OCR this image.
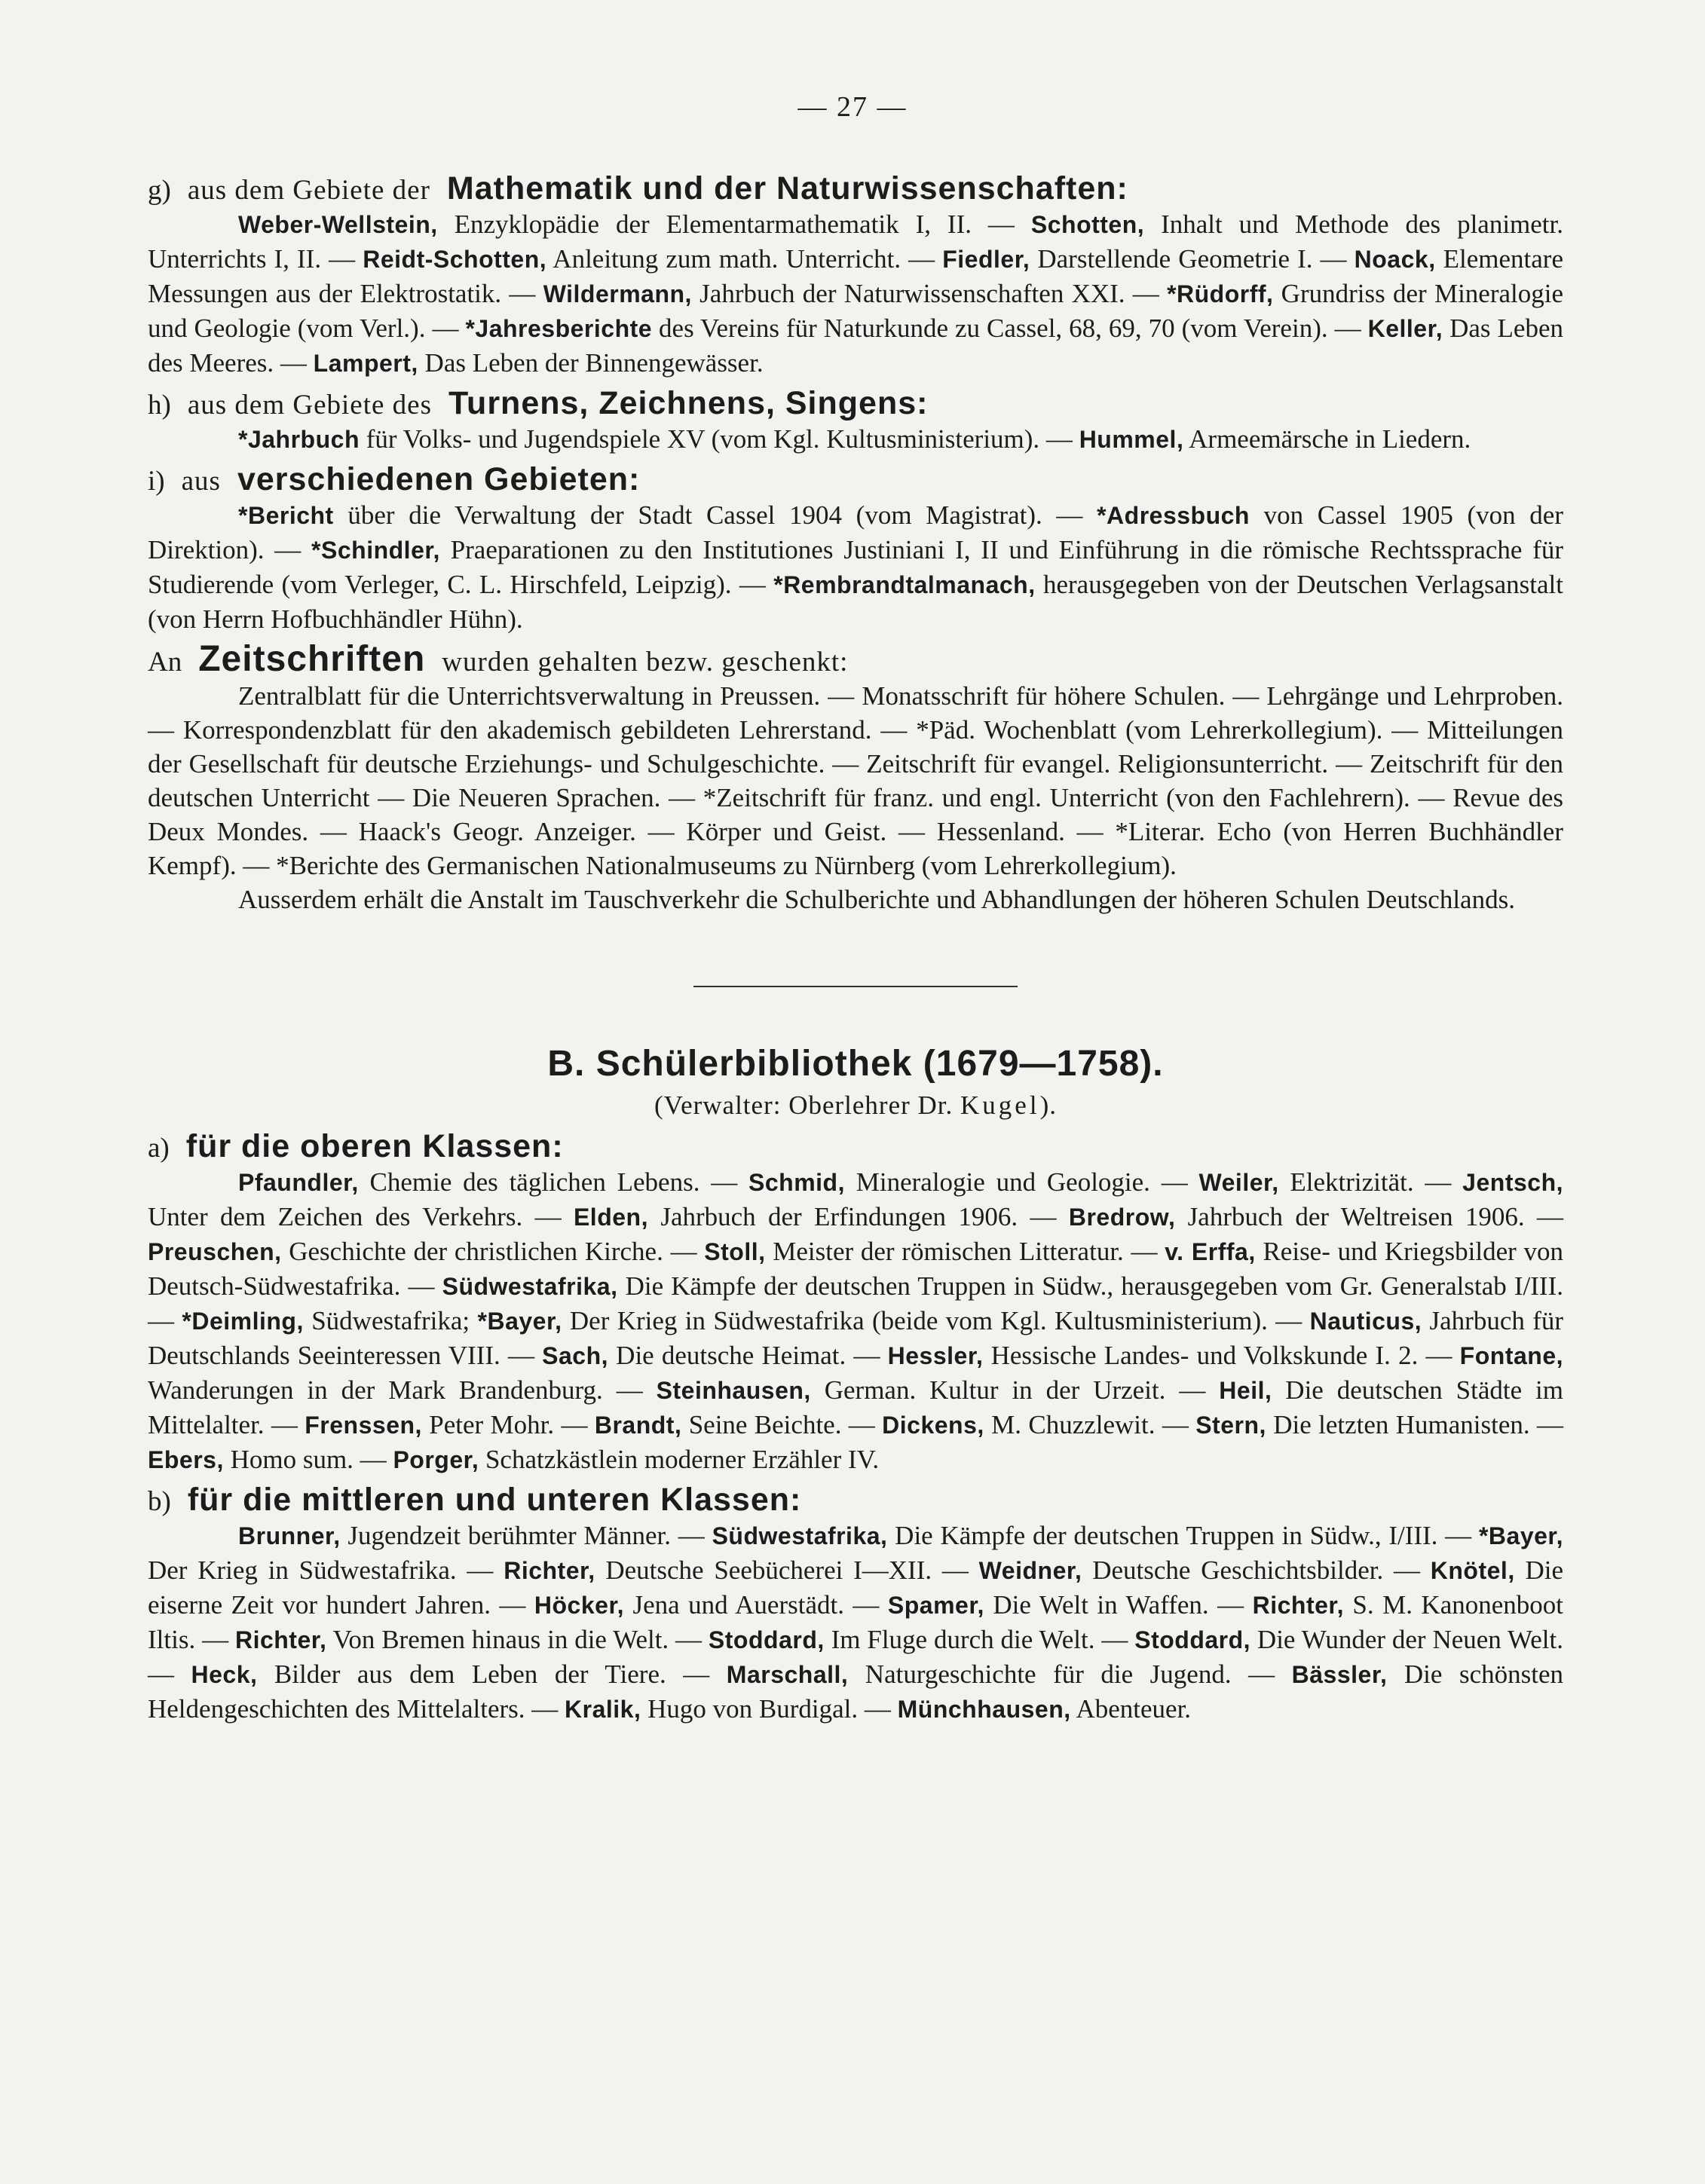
— 27 —
g) aus dem Gebiete der Mathematik und der Naturwissenschaften:

Weber-Wellstein, Enzyklopädie der Elementarmathematik I, II. — Schotten, Inhalt und Methode des planimetr. Unterrichts I, II. — Reidt-Schotten, Anleitung zum math. Unterricht. — Fiedler, Darstellende Geometrie I. — Noack, Elementare Messungen aus der Elektrostatik. — Wildermann, Jahrbuch der Naturwissenschaften XXI. — *Rüdorff, Grundriss der Mineralogie und Geologie (vom Verl.). — *Jahresberichte des Vereins für Naturkunde zu Cassel, 68, 69, 70 (vom Verein). — Keller, Das Leben des Meeres. — Lampert, Das Leben der Binnengewässer.

h) aus dem Gebiete des Turnens, Zeichnens, Singens:

*Jahrbuch für Volks- und Jugendspiele XV (vom Kgl. Kultusministerium). — Hummel, Armeemärsche in Liedern.

i) aus verschiedenen Gebieten:

*Bericht über die Verwaltung der Stadt Cassel 1904 (vom Magistrat). — *Adressbuch von Cassel 1905 (von der Direktion). — *Schindler, Praeparationen zu den Institutiones Justiniani I, II und Einführung in die römische Rechtssprache für Studierende (vom Verleger, C. L. Hirschfeld, Leipzig). — *Rembrandtalmanach, herausgegeben von der Deutschen Verlagsanstalt (von Herrn Hofbuchhändler Hühn).

An Zeitschriften wurden gehalten bezw. geschenkt:

Zentralblatt für die Unterrichtsverwaltung in Preussen. — Monatsschrift für höhere Schulen. — Lehrgänge und Lehrproben. — Korrespondenzblatt für den akademisch gebildeten Lehrerstand. — *Päd. Wochenblatt (vom Lehrerkollegium). — Mitteilungen der Gesellschaft für deutsche Erziehungs- und Schulgeschichte. — Zeitschrift für evangel. Religionsunterricht. — Zeitschrift für den deutschen Unterricht — Die Neueren Sprachen. — *Zeitschrift für franz. und engl. Unterricht (von den Fachlehrern). — Revue des Deux Mondes. — Haack's Geogr. Anzeiger. — Körper und Geist. — Hessenland. — *Literar. Echo (von Herren Buchhändler Kempf). — *Berichte des Germanischen Nationalmuseums zu Nürnberg (vom Lehrerkollegium).

Ausserdem erhält die Anstalt im Tauschverkehr die Schulberichte und Abhandlungen der höheren Schulen Deutschlands.

B. Schülerbibliothek (1679—1758).
(Verwalter: Oberlehrer Dr. Kugel).
a) für die oberen Klassen:

Pfaundler, Chemie des täglichen Lebens. — Schmid, Mineralogie und Geologie. — Weiler, Elektrizität. — Jentsch, Unter dem Zeichen des Verkehrs. — Elden, Jahrbuch der Erfindungen 1906. — Bredrow, Jahrbuch der Weltreisen 1906. — Preuschen, Geschichte der christlichen Kirche. — Stoll, Meister der römischen Litteratur. — v. Erffa, Reise- und Kriegsbilder von Deutsch-Südwestafrika. — Südwestafrika, Die Kämpfe der deutschen Truppen in Südw., herausgegeben vom Gr. Generalstab I/III. — *Deimling, Südwestafrika; *Bayer, Der Krieg in Südwestafrika (beide vom Kgl. Kultusministerium). — Nauticus, Jahrbuch für Deutschlands Seeinteressen VIII. — Sach, Die deutsche Heimat. — Hessler, Hessische Landes- und Volkskunde I. 2. — Fontane, Wanderungen in der Mark Brandenburg. — Steinhausen, German. Kultur in der Urzeit. — Heil, Die deutschen Städte im Mittelalter. — Frenssen, Peter Mohr. — Brandt, Seine Beichte. — Dickens, M. Chuzzlewit. — Stern, Die letzten Humanisten. — Ebers, Homo sum. — Porger, Schatzkästlein moderner Erzähler IV.

b) für die mittleren und unteren Klassen:

Brunner, Jugendzeit berühmter Männer. — Südwestafrika, Die Kämpfe der deutschen Truppen in Südw., I/III. — *Bayer, Der Krieg in Südwestafrika. — Richter, Deutsche Seebücherei I—XII. — Weidner, Deutsche Geschichtsbilder. — Knötel, Die eiserne Zeit vor hundert Jahren. — Höcker, Jena und Auerstädt. — Spamer, Die Welt in Waffen. — Richter, S. M. Kanonenboot Iltis. — Richter, Von Bremen hinaus in die Welt. — Stoddard, Im Fluge durch die Welt. — Stoddard, Die Wunder der Neuen Welt. — Heck, Bilder aus dem Leben der Tiere. — Marschall, Naturgeschichte für die Jugend. — Bässler, Die schönsten Heldengeschichten des Mittelalters. — Kralik, Hugo von Burdigal. — Münchhausen, Abenteuer.
